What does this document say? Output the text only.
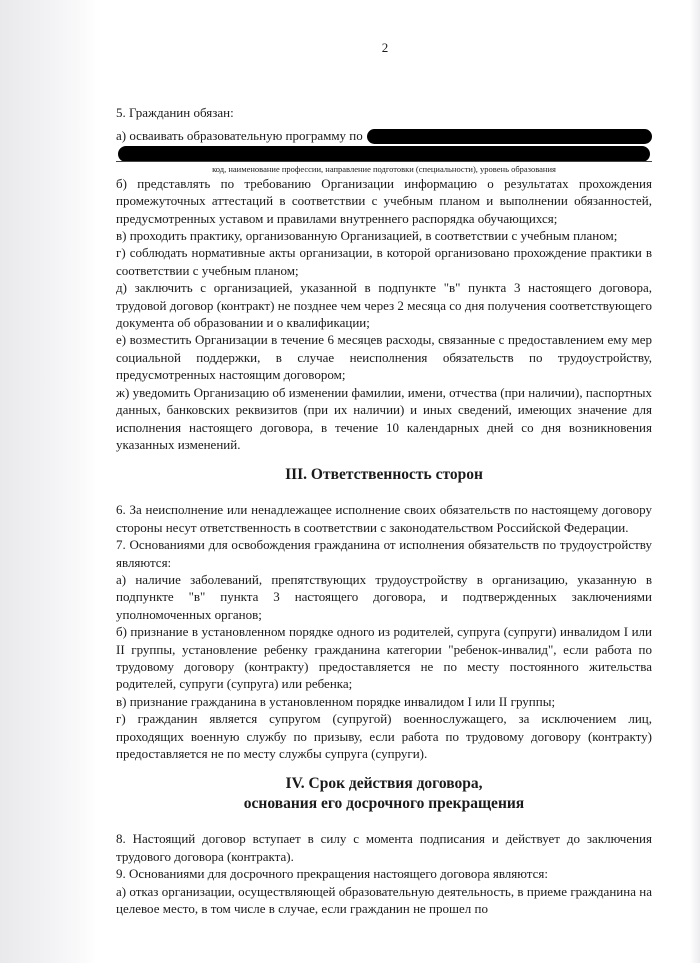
2

5. Гражданин обязан:

а) осваивать образовательную программу по
код, наименование профессии, направление подготовки (специальности), уровень образования

б) представлять по требованию Организации информацию о результатах прохождения промежуточных аттестаций в соответствии с учебным планом и выполнении обязанностей, предусмотренных уставом и правилами внутреннего распорядка обучающихся;

в) проходить практику, организованную Организацией, в соответствии с учебным планом;

г) соблюдать нормативные акты организации, в которой организовано прохождение практики в соответствии с учебным планом;

д) заключить с организацией, указанной в подпункте "в" пункта 3 настоящего договора, трудовой договор (контракт) не позднее чем через 2 месяца со дня получения соответствующего документа об образовании и о квалификации;

е) возместить Организации в течение 6 месяцев расходы, связанные с предоставлением ему мер социальной поддержки, в случае неисполнения обязательств по трудоустройству, предусмотренных настоящим договором;

ж) уведомить Организацию об изменении фамилии, имени, отчества (при наличии), паспортных данных, банковских реквизитов (при их наличии) и иных сведений, имеющих значение для исполнения настоящего договора, в течение 10 календарных дней со дня возникновения указанных изменений.

III. Ответственность сторон

6. За неисполнение или ненадлежащее исполнение своих обязательств по настоящему договору стороны несут ответственность в соответствии с законодательством Российской Федерации.

7. Основаниями для освобождения гражданина от исполнения обязательств по трудоустройству являются:

а) наличие заболеваний, препятствующих трудоустройству в организацию, указанную в подпункте "в" пункта 3 настоящего договора, и подтвержденных заключениями уполномоченных органов;

б) признание в установленном порядке одного из родителей, супруга (супруги) инвалидом I или II группы, установление ребенку гражданина категории "ребенок-инвалид", если работа по трудовому договору (контракту) предоставляется не по месту постоянного жительства родителей, супруги (супруга) или ребенка;

в) признание гражданина в установленном порядке инвалидом I или II группы;

г) гражданин является супругом (супругой) военнослужащего, за исключением лиц, проходящих военную службу по призыву, если работа по трудовому договору (контракту) предоставляется не по месту службы супруга (супруги).

IV. Срок действия договора,
основания его досрочного прекращения

8. Настоящий договор вступает в силу с момента подписания и действует до заключения трудового договора (контракта).

9. Основаниями для досрочного прекращения настоящего договора являются:

а) отказ организации, осуществляющей образовательную деятельность, в приеме гражданина на целевое место, в том числе в случае, если гражданин не прошел по
